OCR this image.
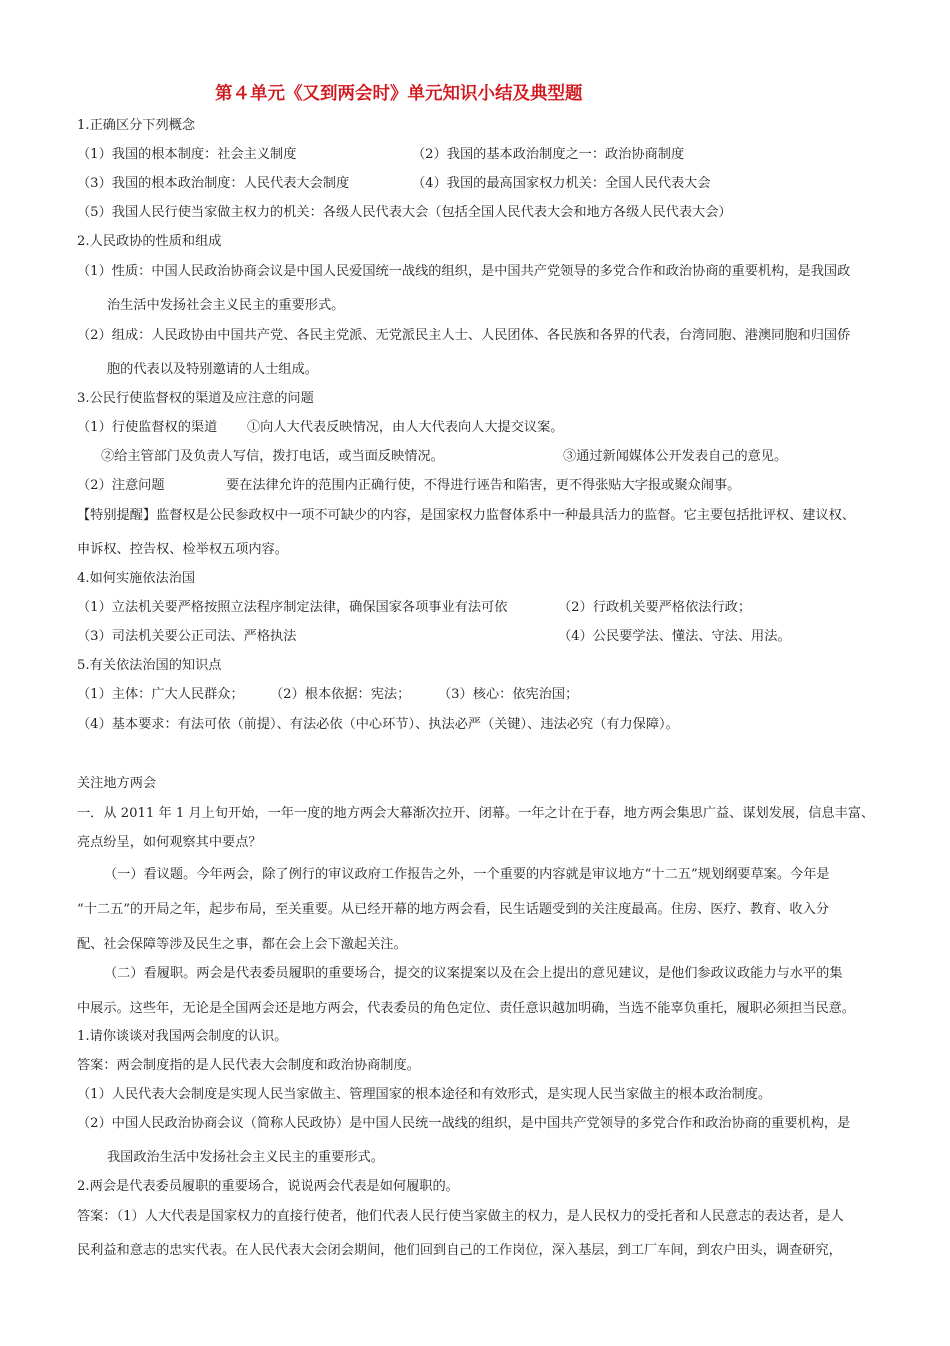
第４单元《又到两会时》单元知识小结及典型题
1.正确区分下列概念
（1）我国的根本制度：社会主义制度	（2）我国的基本政治制度之一：政治协商制度
（3）我国的根本政治制度：人民代表大会制度	（4）我国的最高国家权力机关：全国人民代表大会
（5）我国人民行使当家做主权力的机关：各级人民代表大会（包括全国人民代表大会和地方各级人民代表大会）
2.人民政协的性质和组成
（1）性质：中国人民政治协商会议是中国人民爱国统一战线的组织，是中国共产党领导的多党合作和政治协商的重要机构，是我国政
治生活中发扬社会主义民主的重要形式。
（2）组成：人民政协由中国共产党、各民主党派、无党派民主人士、人民团体、各民族和各界的代表，台湾同胞、港澳同胞和归国侨
胞的代表以及特别邀请的人士组成。
3.公民行使监督权的渠道及应注意的问题
（1）行使监督权的渠道 ①向人大代表反映情况，由人大代表向人大提交议案。
②给主管部门及负责人写信，拨打电话，或当面反映情况。	③通过新闻媒体公开发表自己的意见。
（2）注意问题	要在法律允许的范围内正确行使，不得进行诬告和陷害，更不得张贴大字报或聚众闹事。
【特别提醒】监督权是公民参政权中一项不可缺少的内容，是国家权力监督体系中一种最具活力的监督。它主要包括批评权、建议权、
申诉权、控告权、检举权五项内容。
4.如何实施依法治国
（1）立法机关要严格按照立法程序制定法律，确保国家各项事业有法可依	（2）行政机关要严格依法行政；
（3）司法机关要公正司法、严格执法	（4）公民要学法、懂法、守法、用法。
5.有关依法治国的知识点
（1）主体：广大人民群众； （2）根本依据：宪法； （3）核心：依宪治国；
（4）基本要求：有法可依（前提）、有法必依（中心环节）、执法必严（关键）、违法必究（有力保障）。
关注地方两会
一．从 2011 年 1 月上旬开始，一年一度的地方两会大幕渐次拉开、闭幕。一年之计在于春，地方两会集思广益、谋划发展，信息丰富、
亮点纷呈，如何观察其中要点？
（一）看议题。今年两会，除了例行的审议政府工作报告之外，一个重要的内容就是审议地方“十二五”规划纲要草案。今年是
“十二五”的开局之年，起步布局，至关重要。从已经开幕的地方两会看，民生话题受到的关注度最高。住房、医疗、教育、收入分
配、社会保障等涉及民生之事，都在会上会下激起关注。
（二）看履职。两会是代表委员履职的重要场合，提交的议案提案以及在会上提出的意见建议，是他们参政议政能力与水平的集
中展示。这些年，无论是全国两会还是地方两会，代表委员的角色定位、责任意识越加明确，当选不能辜负重托，履职必须担当民意。
1.请你谈谈对我国两会制度的认识。
答案：两会制度指的是人民代表大会制度和政治协商制度。
（1）人民代表大会制度是实现人民当家做主、管理国家的根本途径和有效形式，是实现人民当家做主的根本政治制度。
（2）中国人民政治协商会议（简称人民政协）是中国人民统一战线的组织，是中国共产党领导的多党合作和政治协商的重要机构，是
我国政治生活中发扬社会主义民主的重要形式。
2.两会是代表委员履职的重要场合，说说两会代表是如何履职的。
答案：（1）人大代表是国家权力的直接行使者，他们代表人民行使当家做主的权力，是人民权力的受托者和人民意志的表达者，是人
民利益和意志的忠实代表。在人民代表大会闭会期间，他们回到自己的工作岗位，深入基层，到工厂车间，到农户田头，调查研究，
